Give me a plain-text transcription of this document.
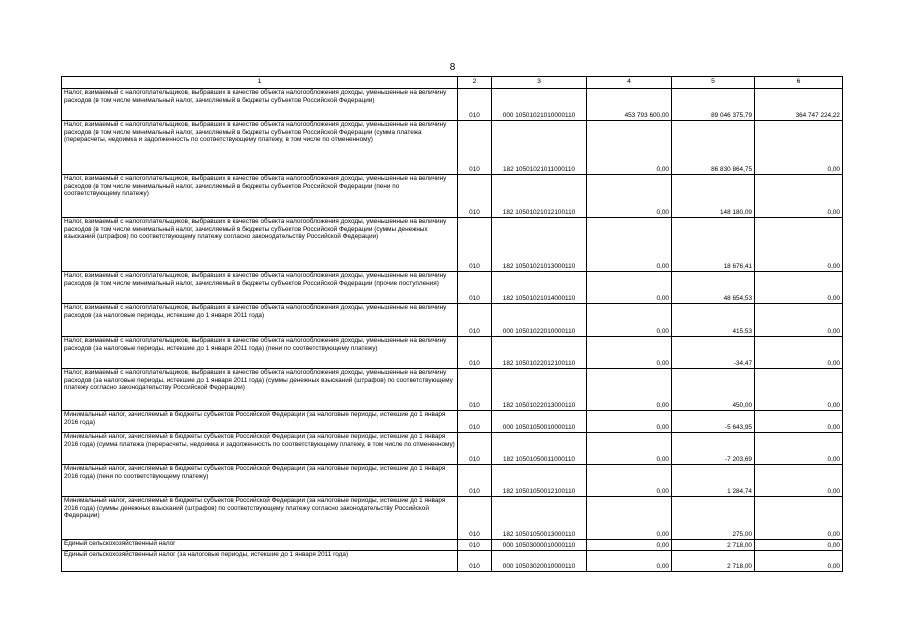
8
1	2	3	4	5	6
Налог, взимаемый с налогоплательщиков, выбравших в качестве объекта налогообложения доходы, уменьшенные на величину расходов (в том числе минимальный налог, зачисляемый в бюджеты субъектов Российской Федерации)	010	000 10501021010000110	453 793 600,00	89 046 375,79	364 747 224,22
Налог, взимаемый с налогоплательщиков, выбравших в качестве объекта налогообложения доходы, уменьшенные на величину расходов (в том числе минимальный налог, зачисляемый в бюджеты субъектов Российской Федерации (сумма платежа (перерасчеты, недоимка и задолженность по соответствующему платежу, в том числе по отмененному)	010	182 10501021011000110	0,00	86 830 864,75	0,00
Налог, взимаемый с налогоплательщиков, выбравших в качестве объекта налогообложения доходы, уменьшенные на величину расходов (в том числе минимальный налог, зачисляемый в бюджеты субъектов Российской Федерации (пени по соответствующему платежу)	010	182 10501021012100110	0,00	148 180,09	0,00
Налог, взимаемый с налогоплательщиков, выбравших в качестве объекта налогообложения доходы, уменьшенные на величину расходов (в том числе минимальный налог, зачисляемый в бюджеты субъектов Российской Федерации (суммы денежных взысканий (штрафов) по соответствующему платежу согласно законодательству Российской Федерации)	010	182 10501021013000110	0,00	18 676,41	0,00
Налог, взимаемый с налогоплательщиков, выбравших в качестве объекта налогообложения доходы, уменьшенные на величину расходов (в том числе минимальный налог, зачисляемый в бюджеты субъектов Российской Федерации (прочие поступления)	010	182 10501021014000110	0,00	48 654,53	0,00
Налог, взимаемый с налогоплательщиков, выбравших в качестве объекта налогообложения доходы, уменьшенные на величину расходов (за налоговые периоды, истекшие до 1 января 2011 года)	010	000 10501022010000110	0,00	415,53	0,00
Налог, взимаемый с налогоплательщиков, выбравших в качестве объекта налогообложения доходы, уменьшенные на величину расходов (за налоговые периоды, истекшие до 1 января 2011 года) (пени по соответствующему платежу)	010	182 10501022012100110	0,00	-34,47	0,00
Налог, взимаемый с налогоплательщиков, выбравших в качестве объекта налогообложения доходы, уменьшенные на величину расходов (за налоговые периоды, истекшие до 1 января 2011 года) (суммы денежных взысканий (штрафов) по соответствующему платежу согласно законодательству Российской Федерации)	010	182 10501022013000110	0,00	450,00	0,00
Минимальный налог, зачисляемый в бюджеты субъектов Российской Федерации (за налоговые периоды, истекшие до 1 января 2016 года)	010	000 10501050010000110	0,00	-5 643,95	0,00
Минимальный налог, зачисляемый в бюджеты субъектов Российской Федерации (за налоговые периоды, истекшие до 1 января 2016 года) (сумма платежа (перерасчеты, недоимка и задолженность по соответствующему платежу, в том числе по отмененному)	010	182 10501050011000110	0,00	-7 203,69	0,00
Минимальный налог, зачисляемый в бюджеты субъектов Российской Федерации (за налоговые периоды, истекшие до 1 января 2016 года) (пени по соответствующему платежу)	010	182 10501050012100110	0,00	1 284,74	0,00
Минимальный налог, зачисляемый в бюджеты субъектов Российской Федерации (за налоговые периоды, истекшие до 1 января 2016 года) (суммы денежных взысканий (штрафов) по соответствующему платежу согласно законодательству Российской Федерации)	010	182 10501050013000110	0,00	275,00	0,00
Единый сельскохозяйственный налог	010	000 10503000010000110	0,00	2 718,00	0,00
Единый сельскохозяйственный налог (за налоговые периоды, истекшие до 1 января 2011 года)	010	000 10503020010000110	0,00	2 718,00	0,00
